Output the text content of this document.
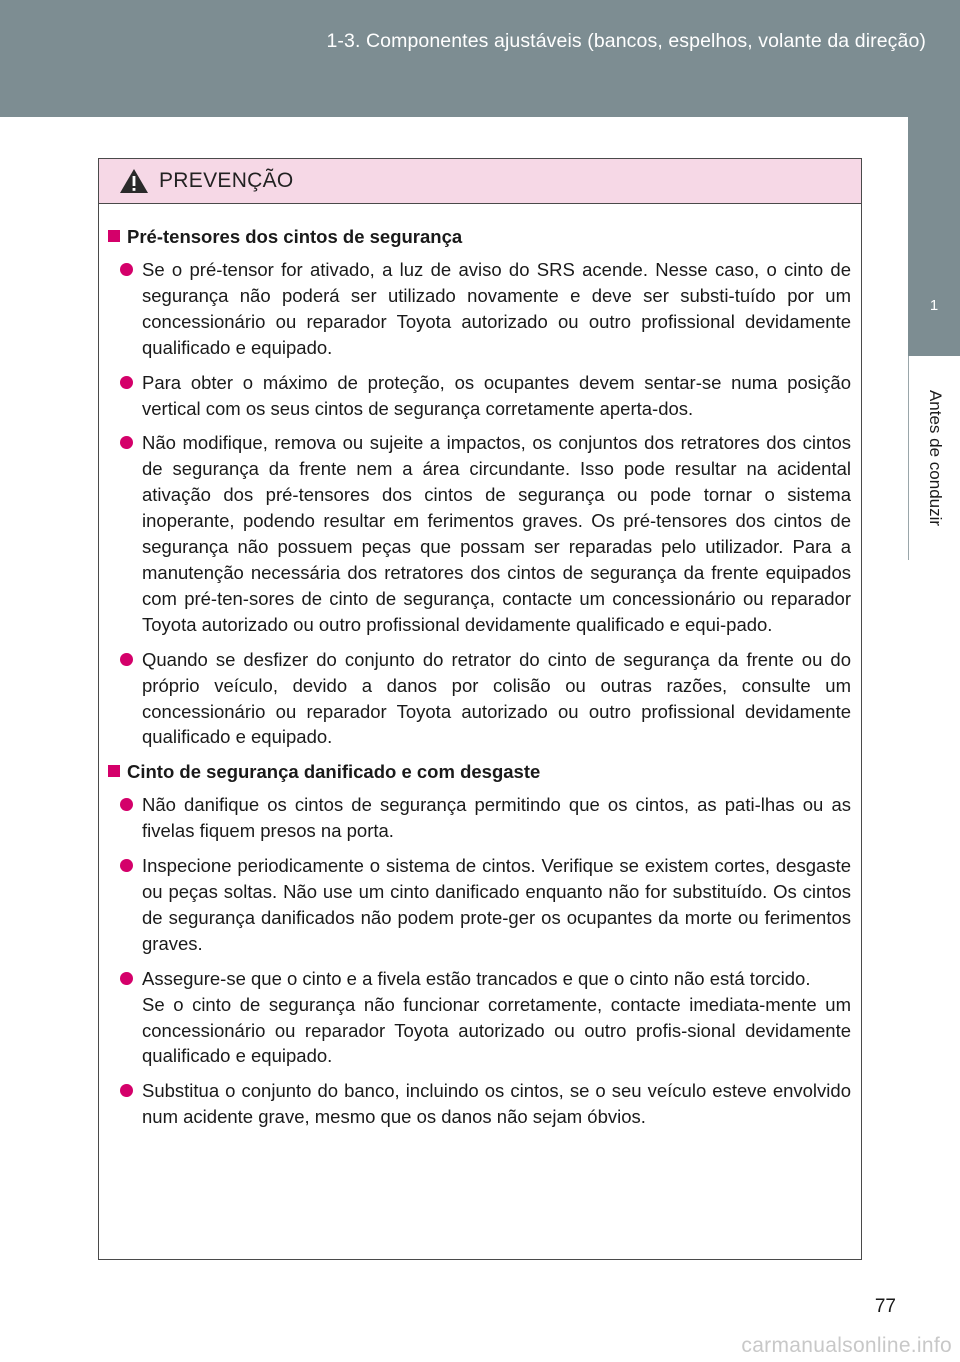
1-3. Componentes ajustáveis (bancos, espelhos, volante da direção)
1
Antes de conduzir
PREVENÇÃO
Pré-tensores dos cintos de segurança
Se o pré-tensor for ativado, a luz de aviso do SRS acende. Nesse caso, o cinto de segurança não poderá ser utilizado novamente e deve ser substi-tuído por um concessionário ou reparador Toyota autorizado ou outro profissional devidamente qualificado e equipado.
Para obter o máximo de proteção, os ocupantes devem sentar-se numa posição vertical com os seus cintos de segurança corretamente aperta-dos.
Não modifique, remova ou sujeite a impactos, os conjuntos dos retratores dos cintos de segurança da frente nem a área circundante. Isso pode resultar na acidental ativação dos pré-tensores dos cintos de segurança ou pode tornar o sistema inoperante, podendo resultar em ferimentos graves. Os pré-tensores dos cintos de segurança não possuem peças que possam ser reparadas pelo utilizador. Para a manutenção necessária dos retratores dos cintos de segurança da frente equipados com pré-ten-sores de cinto de segurança, contacte um concessionário ou reparador Toyota autorizado ou outro profissional devidamente qualificado e equi-pado.
Quando se desfizer do conjunto do retrator do cinto de segurança da frente ou do próprio veículo, devido a danos por colisão ou outras razões, consulte um concessionário ou reparador Toyota autorizado ou outro profissional devidamente qualificado e equipado.
Cinto de segurança danificado e com desgaste
Não danifique os cintos de segurança permitindo que os cintos, as pati-lhas ou as fivelas fiquem presos na porta.
Inspecione periodicamente o sistema de cintos. Verifique se existem cortes, desgaste ou peças soltas. Não use um cinto danificado enquanto não for substituído. Os cintos de segurança danificados não podem prote-ger os ocupantes da morte ou ferimentos graves.
Assegure-se que o cinto e a fivela estão trancados e que o cinto não está torcido.
Se o cinto de segurança não funcionar corretamente, contacte imediata-mente um concessionário ou reparador Toyota autorizado ou outro profis-sional devidamente qualificado e equipado.
Substitua o conjunto do banco, incluindo os cintos, se o seu veículo esteve envolvido num acidente grave, mesmo que os danos não sejam óbvios.
77
carmanualsonline.info
